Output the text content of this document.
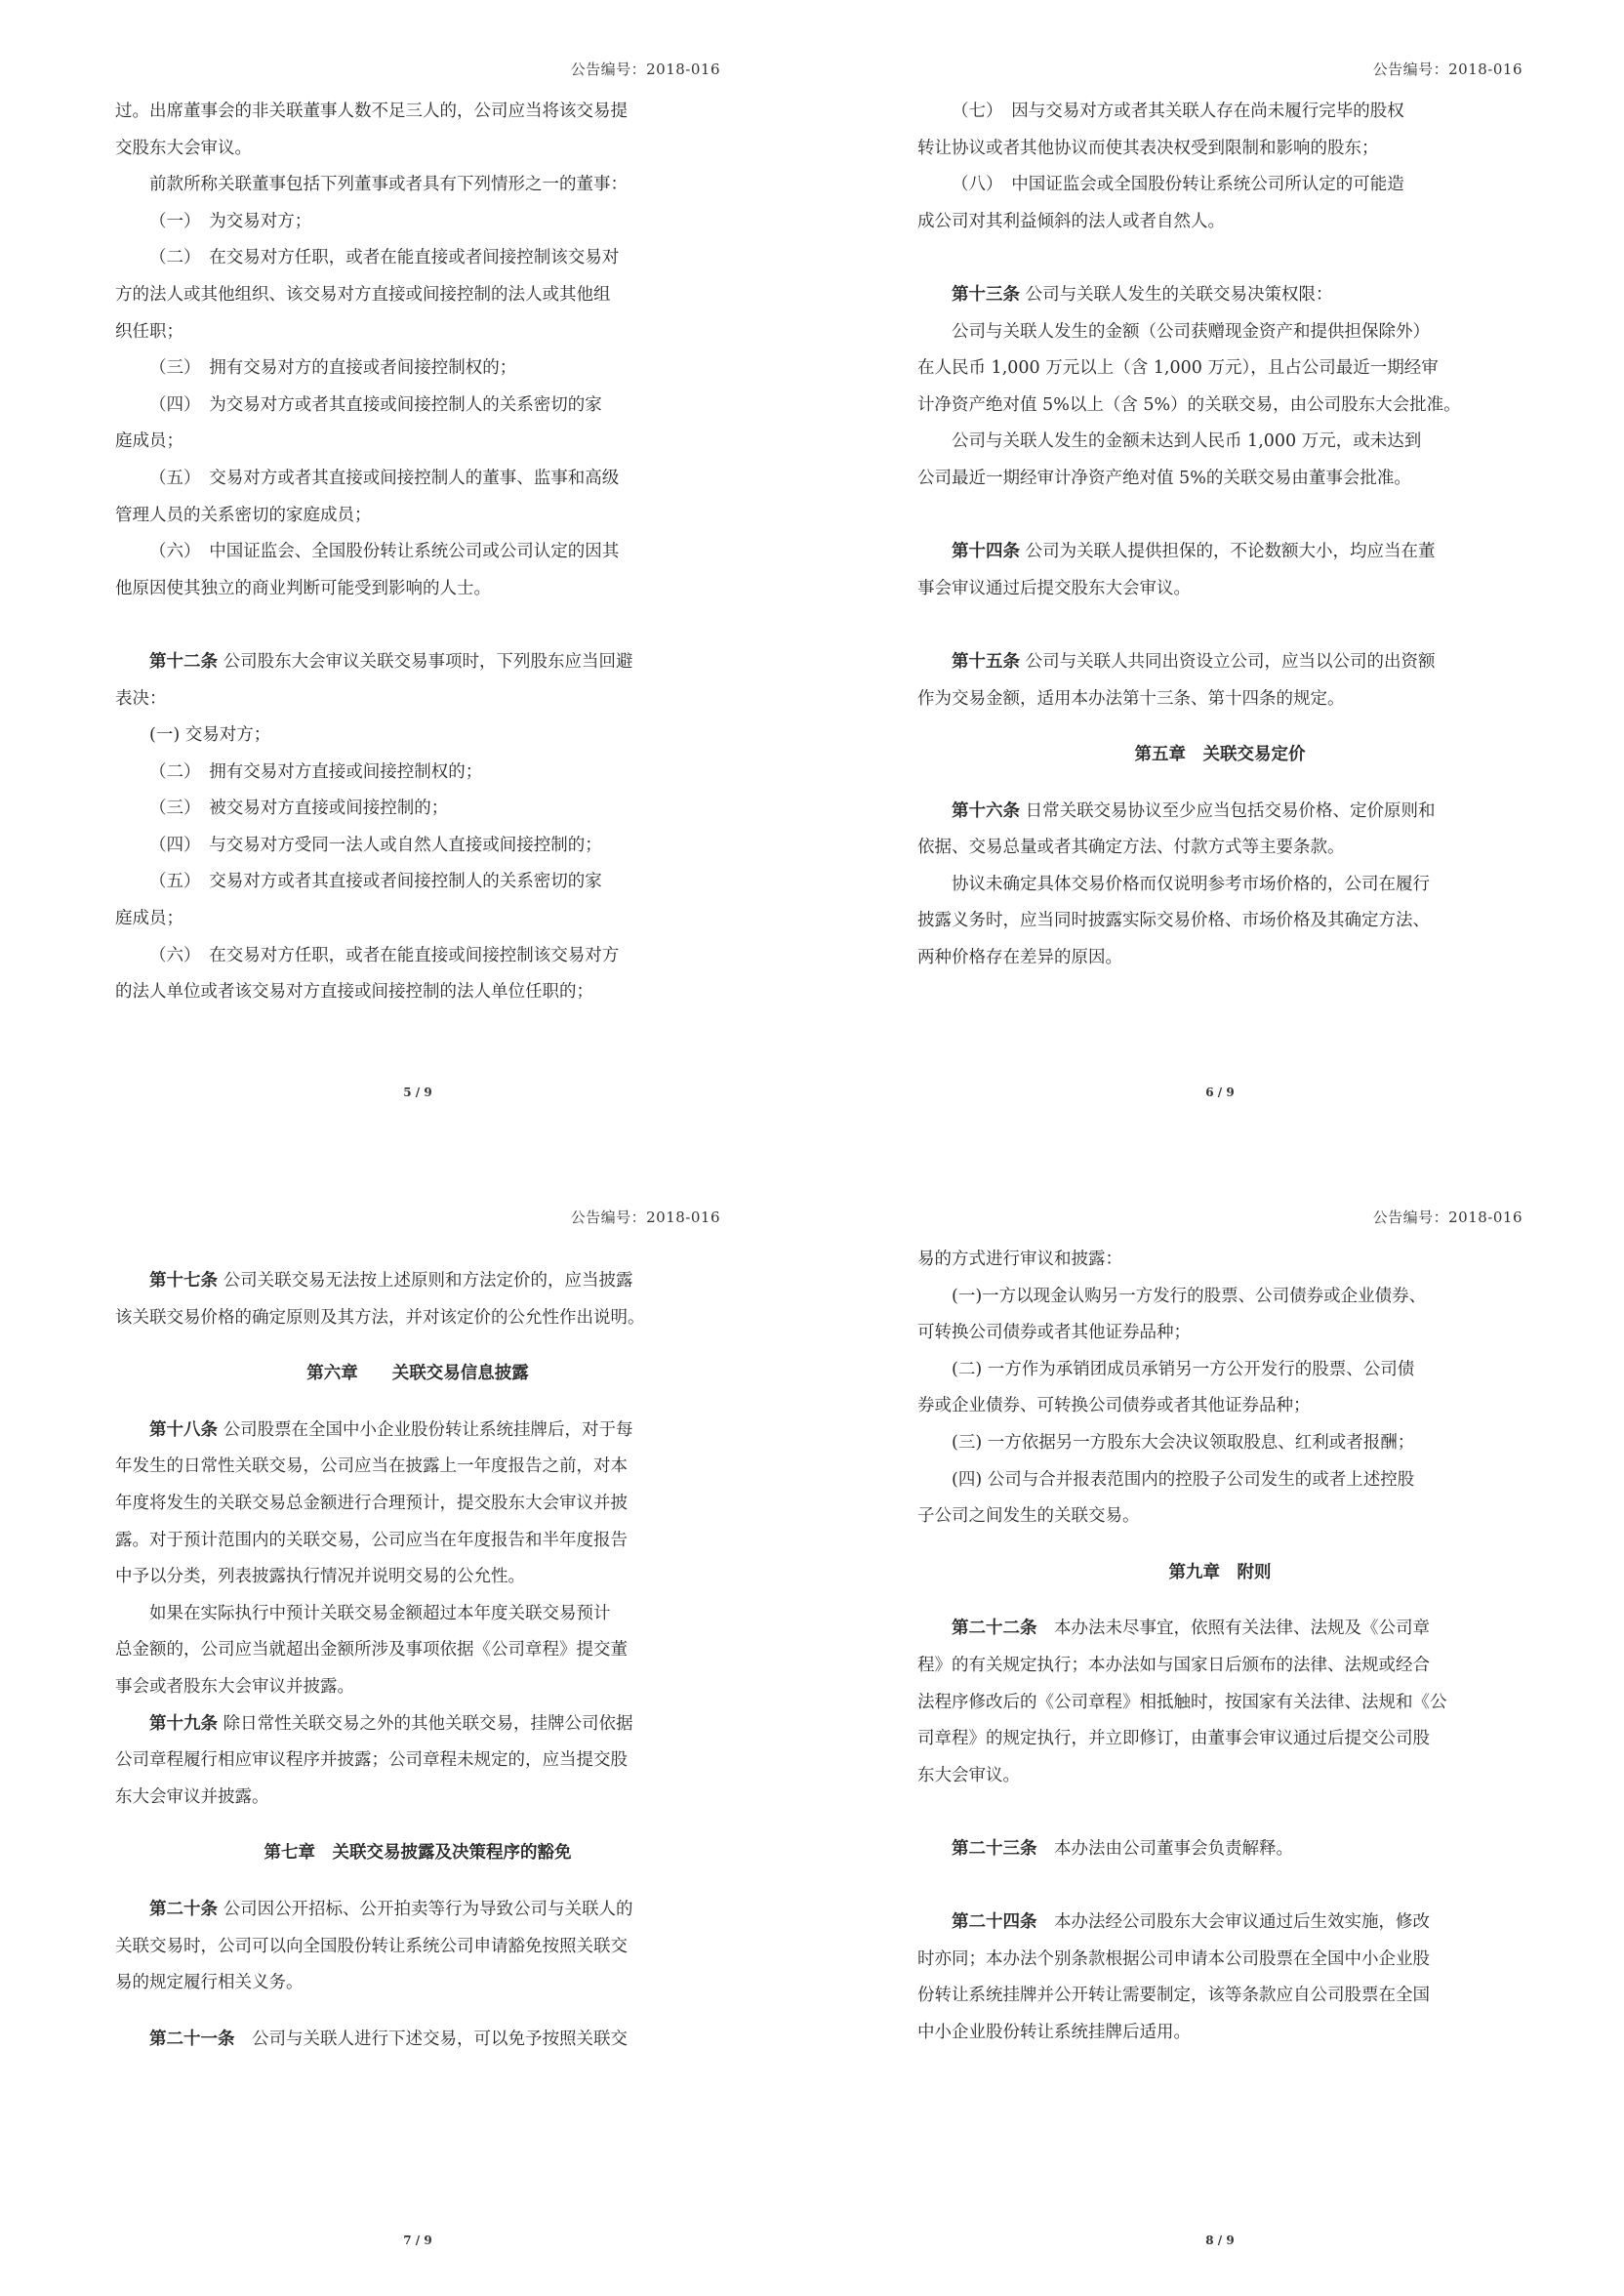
公告编号：2018-016

过。出席董事会的非关联董事人数不足三人的，公司应当将该交易提

交股东大会审议。

前款所称关联董事包括下列董事或者具有下列情形之一的董事：

（一）　为交易对方；

（二）　在交易对方任职，或者在能直接或者间接控制该交易对

方的法人或其他组织、该交易对方直接或间接控制的法人或其他组

织任职；

（三）　拥有交易对方的直接或者间接控制权的；

（四）　为交易对方或者其直接或间接控制人的关系密切的家

庭成员；

（五）　交易对方或者其直接或间接控制人的董事、监事和高级

管理人员的关系密切的家庭成员；

（六）　中国证监会、全国股份转让系统公司或公司认定的因其

他原因使其独立的商业判断可能受到影响的人士。

第十二条 公司股东大会审议关联交易事项时，下列股东应当回避

表决：

(一) 交易对方；

（二）　拥有交易对方直接或间接控制权的；

（三）　被交易对方直接或间接控制的；

（四）　与交易对方受同一法人或自然人直接或间接控制的；

（五）　交易对方或者其直接或者间接控制人的关系密切的家

庭成员；

（六）　在交易对方任职，或者在能直接或间接控制该交易对方

的法人单位或者该交易对方直接或间接控制的法人单位任职的；

5 / 9
公告编号：2018-016

（七）　因与交易对方或者其关联人存在尚未履行完毕的股权

转让协议或者其他协议而使其表决权受到限制和影响的股东；

（八）　中国证监会或全国股份转让系统公司所认定的可能造

成公司对其利益倾斜的法人或者自然人。

第十三条 公司与关联人发生的关联交易决策权限：

公司与关联人发生的金额（公司获赠现金资产和提供担保除外）

在人民币 1,000 万元以上（含 1,000 万元），且占公司最近一期经审

计净资产绝对值 5%以上（含 5%）的关联交易，由公司股东大会批准。

公司与关联人发生的金额未达到人民币 1,000 万元，或未达到

公司最近一期经审计净资产绝对值 5%的关联交易由董事会批准。

第十四条 公司为关联人提供担保的，不论数额大小，均应当在董

事会审议通过后提交股东大会审议。

第十五条 公司与关联人共同出资设立公司，应当以公司的出资额

作为交易金额，适用本办法第十三条、第十四条的规定。

第五章　关联交易定价

第十六条 日常关联交易协议至少应当包括交易价格、定价原则和

依据、交易总量或者其确定方法、付款方式等主要条款。

协议未确定具体交易价格而仅说明参考市场价格的，公司在履行

披露义务时，应当同时披露实际交易价格、市场价格及其确定方法、

两种价格存在差异的原因。

6 / 9
公告编号：2018-016

第十七条 公司关联交易无法按上述原则和方法定价的，应当披露

该关联交易价格的确定原则及其方法，并对该定价的公允性作出说明。

第六章　　关联交易信息披露

第十八条 公司股票在全国中小企业股份转让系统挂牌后，对于每

年发生的日常性关联交易，公司应当在披露上一年度报告之前，对本

年度将发生的关联交易总金额进行合理预计，提交股东大会审议并披

露。对于预计范围内的关联交易，公司应当在年度报告和半年度报告

中予以分类，列表披露执行情况并说明交易的公允性。

如果在实际执行中预计关联交易金额超过本年度关联交易预计

总金额的，公司应当就超出金额所涉及事项依据《公司章程》提交董

事会或者股东大会审议并披露。

第十九条 除日常性关联交易之外的其他关联交易，挂牌公司依据

公司章程履行相应审议程序并披露；公司章程未规定的，应当提交股

东大会审议并披露。

第七章　关联交易披露及决策程序的豁免

第二十条 公司因公开招标、公开拍卖等行为导致公司与关联人的

关联交易时，公司可以向全国股份转让系统公司申请豁免按照关联交

易的规定履行相关义务。

第二十一条　公司与关联人进行下述交易，可以免予按照关联交

7 / 9
公告编号：2018-016

易的方式进行审议和披露：

(一)一方以现金认购另一方发行的股票、公司债券或企业债券、

可转换公司债券或者其他证券品种；

(二) 一方作为承销团成员承销另一方公开发行的股票、公司债

券或企业债券、可转换公司债券或者其他证券品种；

(三) 一方依据另一方股东大会决议领取股息、红利或者报酬；

(四) 公司与合并报表范围内的控股子公司发生的或者上述控股

子公司之间发生的关联交易。

第九章　附则

第二十二条　本办法未尽事宜，依照有关法律、法规及《公司章

程》的有关规定执行；本办法如与国家日后颁布的法律、法规或经合

法程序修改后的《公司章程》相抵触时，按国家有关法律、法规和《公

司章程》的规定执行，并立即修订，由董事会审议通过后提交公司股

东大会审议。

第二十三条　本办法由公司董事会负责解释。

第二十四条　本办法经公司股东大会审议通过后生效实施，修改

时亦同；本办法个别条款根据公司申请本公司股票在全国中小企业股

份转让系统挂牌并公开转让需要制定，该等条款应自公司股票在全国

中小企业股份转让系统挂牌后适用。

8 / 9
